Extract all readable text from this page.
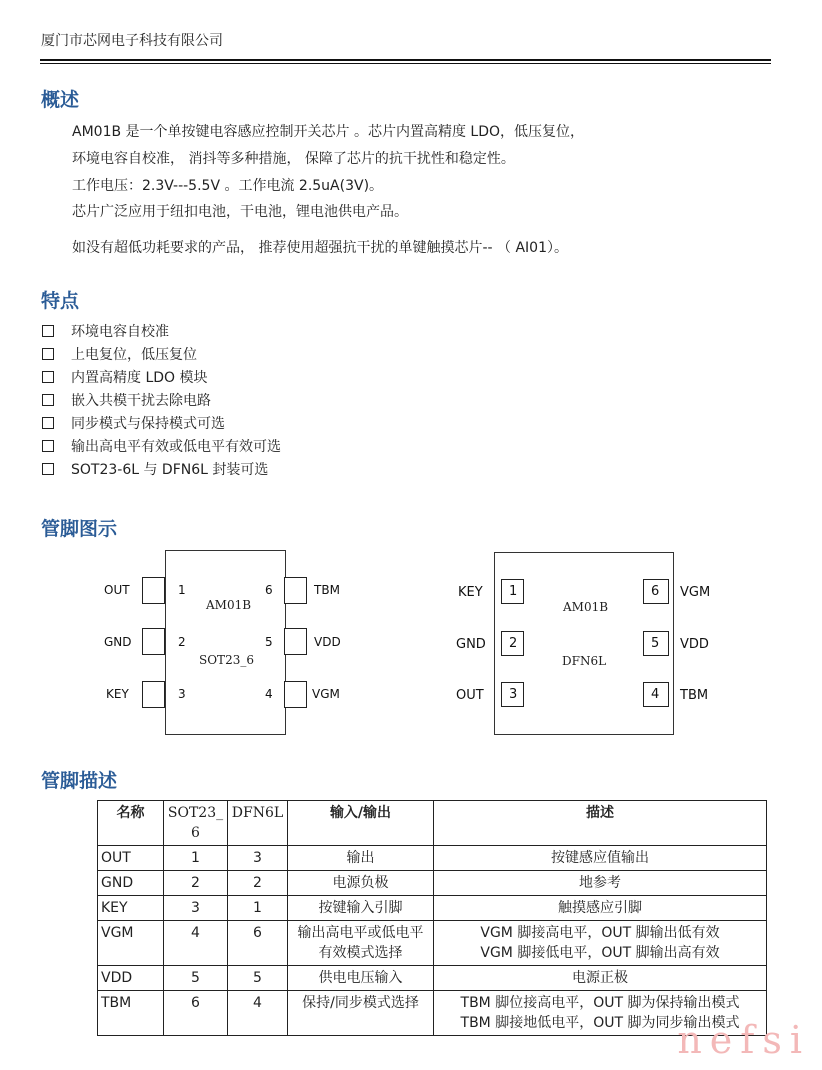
厦门市芯网电子科技有限公司
概述
AM01B 是一个单按键电容感应控制开关芯片 。芯片内置高精度 LDO，低压复位，
环境电容自校准， 消抖等多种措施， 保障了芯片的抗干扰性和稳定性。
工作电压：2.3V---5.5V 。工作电流 2.5uA(3V)。
芯片广泛应用于纽扣电池，干电池，锂电池供电产品。
如没有超低功耗要求的产品， 推荐使用超强抗干扰的单键触摸芯片-- （ AI01）。
特点
环境电容自校准
上电复位，低压复位
内置高精度 LDO 模块
嵌入共模干扰去除电路
同步模式与保持模式可选
输出高电平有效或低电平有效可选
SOT23-6L 与 DFN6L 封装可选
管脚图示
AM01B
SOT23_6
OUT
GND
KEY
1
2
3
6
5
4
TBM
VDD
VGM
AM01B
DFN6L
KEY
GND
OUT
1
2
3
6
5
4
VGM
VDD
TBM
管脚描述
名称	SOT23_6	DFN6L	输入/输出	描述
OUT	1	3	输出	按键感应值输出

GND	2	2	电源负极	地参考

KEY	3	1	按键输入引脚	触摸感应引脚

VGM	4	6	输出高电平或低电平有效模式选择	VGM 脚接高电平，OUT 脚输出低有效
VGM 脚接低电平，OUT 脚输出高有效

VDD	5	5	供电电压输入	电源正极

TBM	6	4	保持/同步模式选择	TBM 脚位接高电平，OUT 脚为保持输出模式
TBM 脚接地低电平，OUT 脚为同步输出模式
nefsi
